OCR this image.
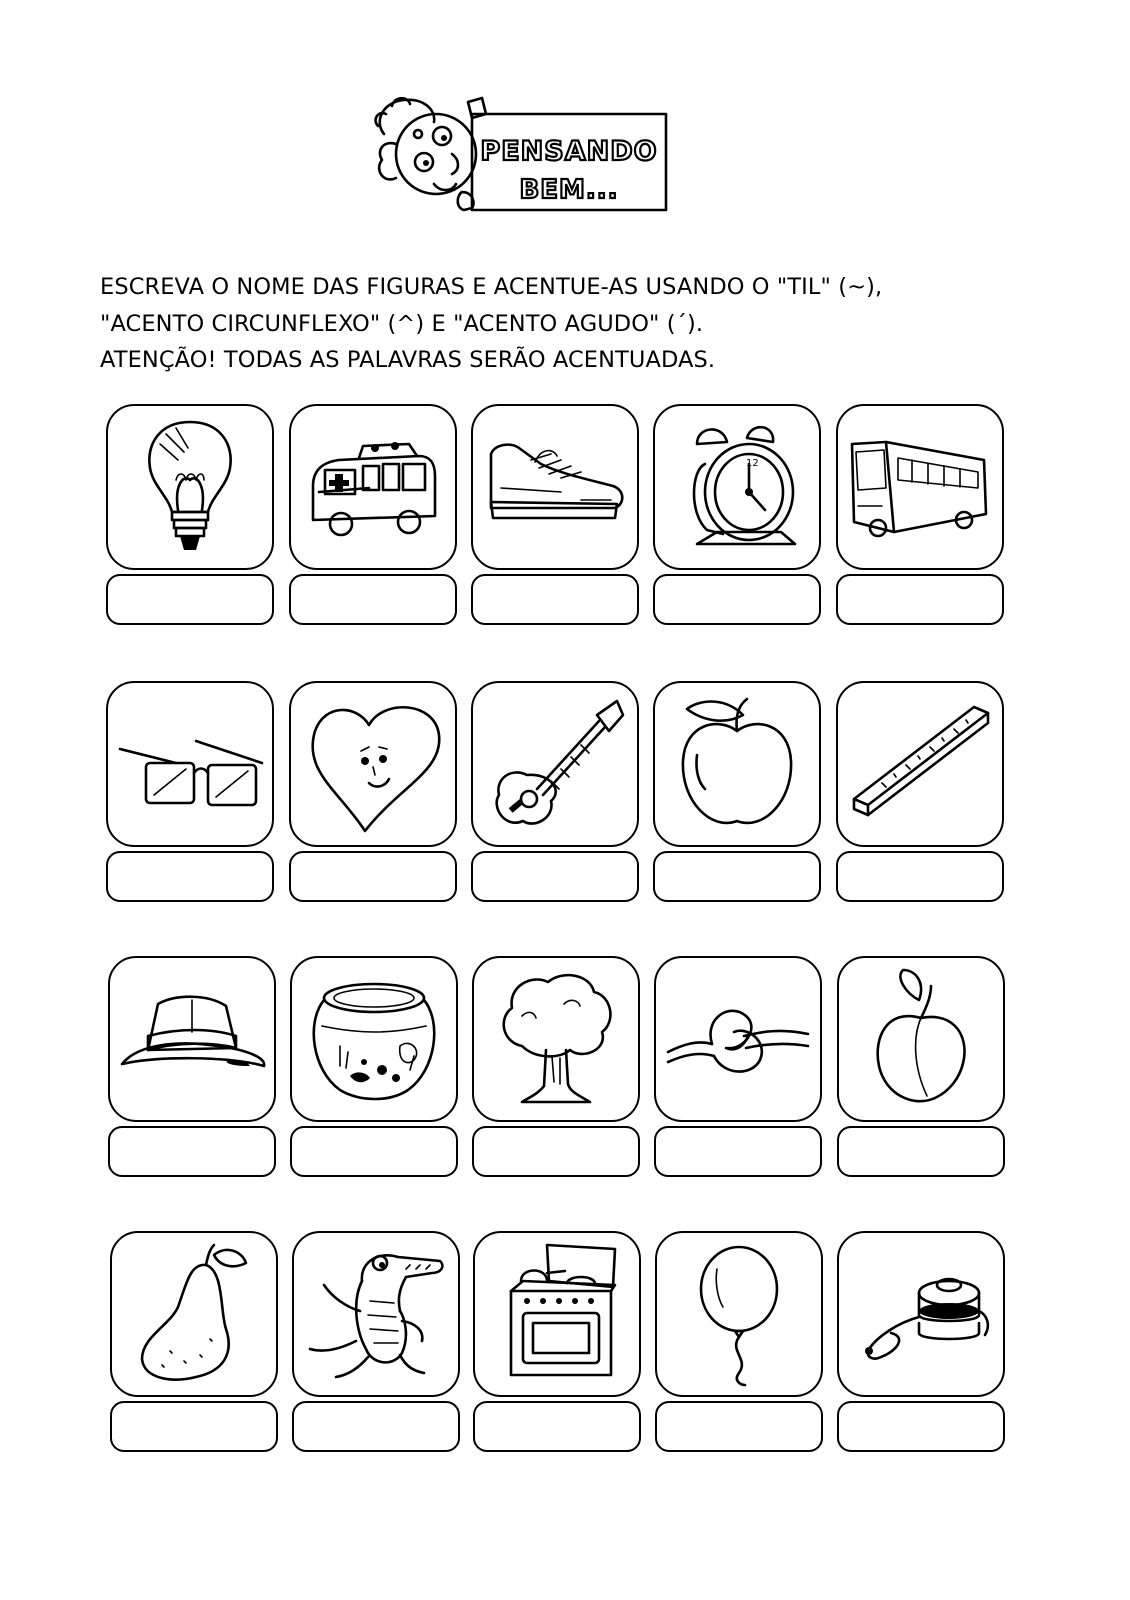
PENSANDO
BEM...
ESCREVA O NOME DAS FIGURAS E ACENTUE-AS USANDO O "TIL" (~),
"ACENTO CIRCUNFLEXO" (^) E "ACENTO AGUDO" (´).
ATENÇÃO! TODAS AS PALAVRAS SERÃO ACENTUADAS.
12
